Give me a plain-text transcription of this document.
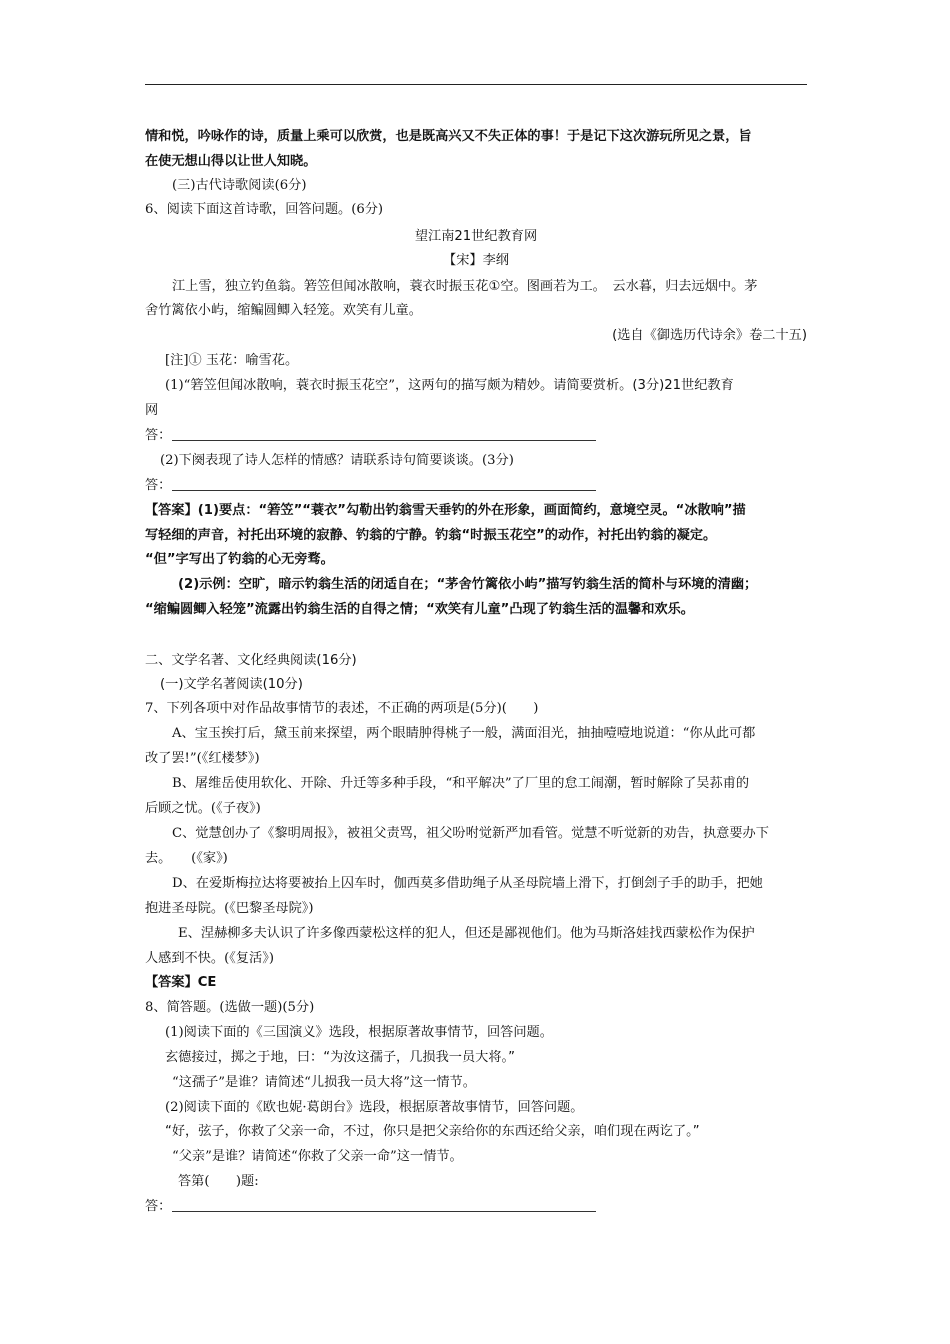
情和悦，吟咏作的诗，质量上乘可以欣赏，也是既高兴又不失正体的事！于是记下这次游玩所见之景，旨
在使无想山得以让世人知晓。
(三)古代诗歌阅读(6分)
6、阅读下面这首诗歌，回答问题。(6分)
望江南21世纪教育网
【宋】李纲
江上雪，独立钓鱼翁。箬笠但闻冰散响，蓑衣时振玉花①空。图画若为工。　云水暮，归去远烟中。茅
舍竹篱依小屿，缩鳊圆鲫入轻笼。欢笑有儿童。
(选自《御选历代诗余》卷二十五)
[注]① 玉花：喻雪花。
(1)“箬笠但闻冰散响，蓑衣时振玉花空”，这两句的描写颇为精妙。请简要赏析。(3分)21世纪教育
网
答：
(2)下阕表现了诗人怎样的情感？请联系诗句简要谈谈。(3分)
答：
【答案】(1)要点：“箬笠”“蓑衣”勾勒出钓翁雪天垂钓的外在形象，画面简约，意境空灵。“冰散响”描
写轻细的声音，衬托出环境的寂静、钓翁的宁静。钓翁“时振玉花空”的动作，衬托出钓翁的凝定。
“但”字写出了钓翁的心无旁骛。
(2)示例：空旷，暗示钓翁生活的闭适自在；“茅舍竹篱依小屿”描写钓翁生活的简朴与环境的清幽；
“缩鳊圆鲫入轻笼”流露出钓翁生活的自得之情；“欢笑有儿童”凸现了钓翁生活的温馨和欢乐。
二、文学名著、文化经典阅读(16分)
(一)文学名著阅读(10分)
7、下列各项中对作品故事情节的表述，不正确的两项是(5分)(　　)
A、宝玉挨打后，黛玉前来探望，两个眼睛肿得桃子一般，满面泪光，抽抽噎噎地说道：“你从此可都
改了罢!”(《红楼梦》)
B、屠维岳使用软化、开除、升迁等多种手段，“和平解决”了厂里的怠工闹潮，暂时解除了吴荪甫的
后顾之忧。(《子夜》)
C、觉慧创办了《黎明周报》，被祖父责骂，祖父吩咐觉新严加看管。觉慧不听觉新的劝告，执意要办下
去。　　(《家》)
D、在爱斯梅拉达将要被抬上囚车时，伽西莫多借助绳子从圣母院墙上滑下，打倒刽子手的助手，把她
抱进圣母院。(《巴黎圣母院》)
E、涅赫柳多夫认识了许多像西蒙松这样的犯人，但还是鄙视他们。他为马斯洛娃找西蒙松作为保护
人感到不快。(《复活》)
【答案】CE
8、简答题。(选做一题)(5分)
(1)阅读下面的《三国演义》选段，根据原著故事情节，回答问题。
玄德接过，掷之于地，曰：“为汝这孺子，几损我一员大将。”
“这孺子”是谁？请简述“儿损我一员大将”这一情节。
(2)阅读下面的《欧也妮·葛朗台》选段，根据原著故事情节，回答问题。
“好，弦子，你救了父亲一命，不过，你只是把父亲给你的东西还给父亲，咱们现在两讫了。”
“父亲”是谁？请简述“你救了父亲一命”这一情节。
答第(　　)题:
答：
